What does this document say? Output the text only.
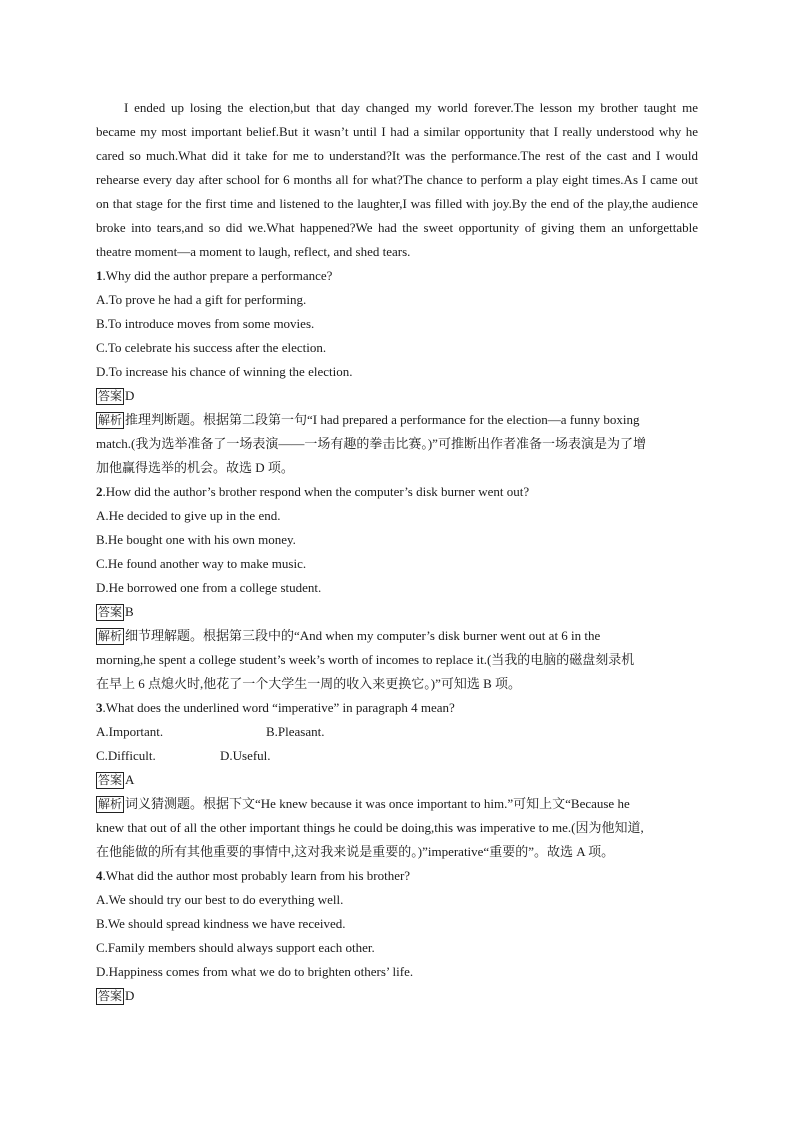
I ended up losing the election,but that day changed my world forever.The lesson my brother taught me became my most important belief.But it wasn’t until I had a similar opportunity that I really understood why he cared so much.What did it take for me to understand?It was the performance.The rest of the cast and I would rehearse every day after school for 6 months all for what?The chance to perform a play eight times.As I came out on that stage for the first time and listened to the laughter,I was filled with joy.By the end of the play,the audience broke into tears,and so did we.What happened?We had the sweet opportunity of giving them an unforgettable theatre moment—a moment to laugh, reflect, and shed tears.

1.Why did the author prepare a performance?
A.To prove he had a gift for performing.
B.To introduce moves from some movies.
C.To celebrate his success after the election.
D.To increase his chance of winning the election.
答案 D
解析 推理判断题。根据第二段第一句“I had prepared a performance for the election—a funny boxing
match.(我为选举准备了一场表演——一场有趣的拳击比赛。)”可推断出作者准备一场表演是为了增
加他赢得选举的机会。故选 D 项。
2.How did the author’s brother respond when the computer’s disk burner went out?
A.He decided to give up in the end.
B.He bought one with his own money.
C.He found another way to make music.
D.He borrowed one from a college student.
答案 B
解析 细节理解题。根据第三段中的“And when my computer’s disk burner went out at 6 in the
morning,he spent a college student’s week’s worth of incomes to replace it.(当我的电脑的磁盘刻录机
在早上 6 点熄火时,他花了一个大学生一周的收入来更换它。)”可知选 B 项。
3.What does the underlined word “imperative” in paragraph 4 mean?
A.Important.	B.Pleasant.
C.Difficult.	D.Useful.
答案 A
解析 词义猜测题。根据下文“He knew because it was once important to him.”可知上文“Because he
knew that out of all the other important things he could be doing,this was imperative to me.(因为他知道,
在他能做的所有其他重要的事情中,这对我来说是重要的。)”imperative“重要的”。故选 A 项。
4.What did the author most probably learn from his brother?
A.We should try our best to do everything well.
B.We should spread kindness we have received.
C.Family members should always support each other.
D.Happiness comes from what we do to brighten others’ life.
答案 D
